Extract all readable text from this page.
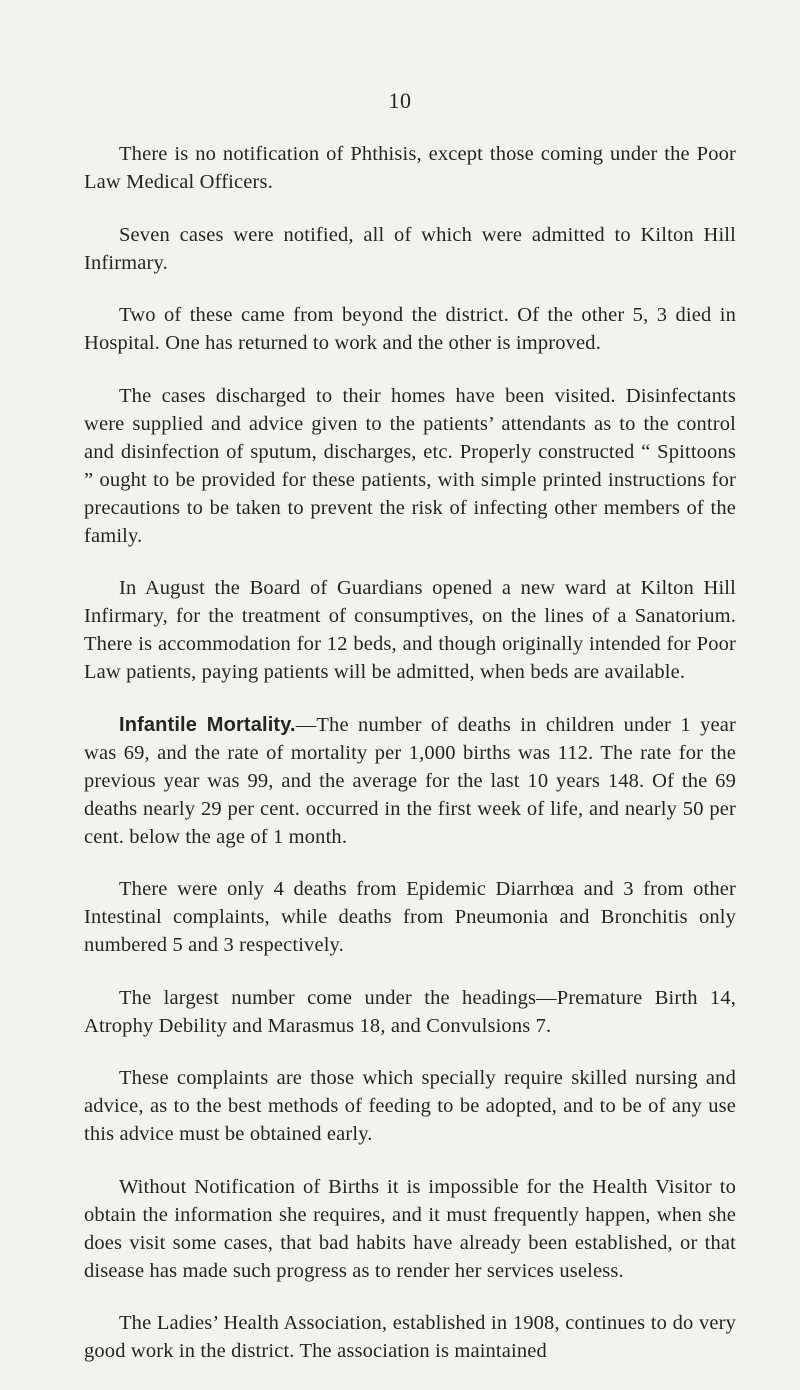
10

There is no notification of Phthisis, except those coming under the Poor Law Medical Officers.

Seven cases were notified, all of which were admitted to Kilton Hill Infirmary.

Two of these came from beyond the district. Of the other 5, 3 died in Hospital. One has returned to work and the other is improved.

The cases discharged to their homes have been visited. Disinfectants were supplied and advice given to the patients’ attendants as to the control and disinfection of sputum, discharges, etc. Properly constructed “ Spittoons ” ought to be provided for these patients, with simple printed instructions for precautions to be taken to prevent the risk of infecting other members of the family.

In August the Board of Guardians opened a new ward at Kilton Hill Infirmary, for the treatment of consumptives, on the lines of a Sanatorium. There is accommodation for 12 beds, and though originally intended for Poor Law patients, paying patients will be admitted, when beds are available.

Infantile Mortality.—The number of deaths in children under 1 year was 69, and the rate of mortality per 1,000 births was 112. The rate for the previous year was 99, and the average for the last 10 years 148. Of the 69 deaths nearly 29 per cent. occurred in the first week of life, and nearly 50 per cent. below the age of 1 month.

There were only 4 deaths from Epidemic Diarrhœa and 3 from other Intestinal complaints, while deaths from Pneumonia and Bronchitis only numbered 5 and 3 respectively.

The largest number come under the headings—Premature Birth 14, Atrophy Debility and Marasmus 18, and Convulsions 7.

These complaints are those which specially require skilled nursing and advice, as to the best methods of feeding to be adopted, and to be of any use this advice must be obtained early.

Without Notification of Births it is impossible for the Health Visitor to obtain the information she requires, and it must frequently happen, when she does visit some cases, that bad habits have already been established, or that disease has made such progress as to render her services useless.

The Ladies’ Health Association, established in 1908, continues to do very good work in the district. The association is maintained
